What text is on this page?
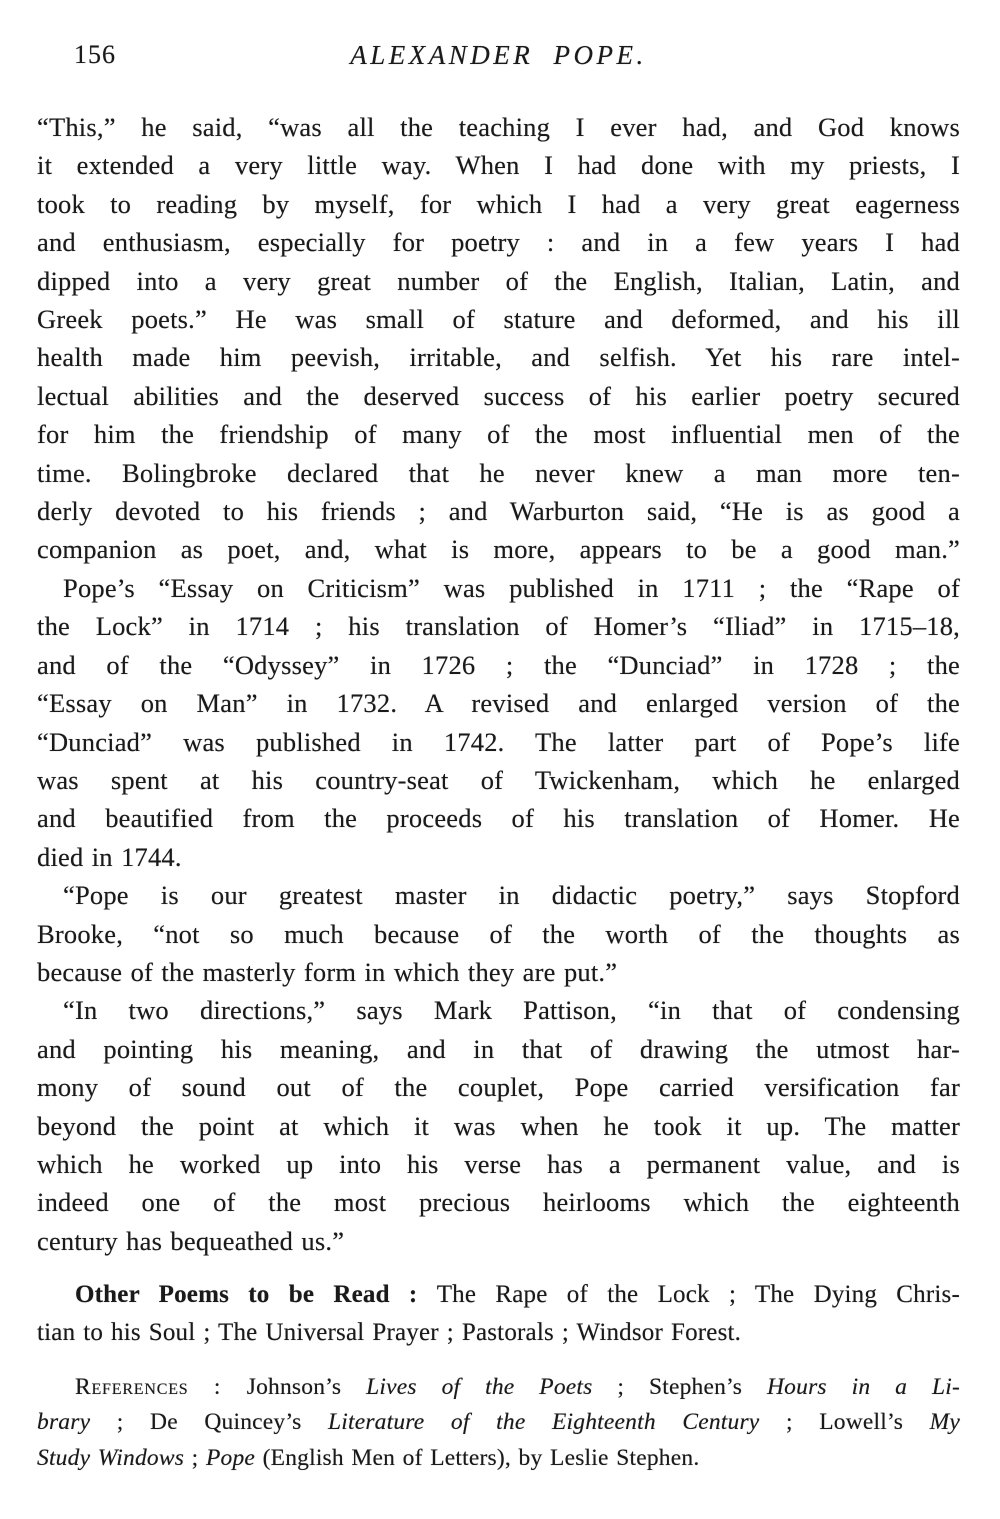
156	ALEXANDER POPE.
“This,” he said, “was all the teaching I ever had, and God knows
it extended a very little way. When I had done with my priests, I
took to reading by myself, for which I had a very great eagerness
and enthusiasm, especially for poetry : and in a few years I had
dipped into a very great number of the English, Italian, Latin, and
Greek poets.” He was small of stature and deformed, and his ill
health made him peevish, irritable, and selfish. Yet his rare intel-
lectual abilities and the deserved success of his earlier poetry secured
for him the friendship of many of the most influential men of the
time. Bolingbroke declared that he never knew a man more ten-
derly devoted to his friends ; and Warburton said, “He is as good a
companion as poet, and, what is more, appears to be a good man.”
Pope’s “Essay on Criticism” was published in 1711 ; the “Rape of
the Lock” in 1714 ; his translation of Homer’s “Iliad” in 1715–18,
and of the “Odyssey” in 1726 ; the “Dunciad” in 1728 ; the
“Essay on Man” in 1732. A revised and enlarged version of the
“Dunciad” was published in 1742. The latter part of Pope’s life
was spent at his country-seat of Twickenham, which he enlarged
and beautified from the proceeds of his translation of Homer. He
died in 1744.
“Pope is our greatest master in didactic poetry,” says Stopford
Brooke, “not so much because of the worth of the thoughts as
because of the masterly form in which they are put.”
“In two directions,” says Mark Pattison, “in that of condensing
and pointing his meaning, and in that of drawing the utmost har-
mony of sound out of the couplet, Pope carried versification far
beyond the point at which it was when he took it up. The matter
which he worked up into his verse has a permanent value, and is
indeed one of the most precious heirlooms which the eighteenth
century has bequeathed us.”
Other Poems to be Read : The Rape of the Lock ; The Dying Chris-
tian to his Soul ; The Universal Prayer ; Pastorals ; Windsor Forest.
References : Johnson’s Lives of the Poets ; Stephen’s Hours in a Li-
brary ; De Quincey’s Literature of the Eighteenth Century ; Lowell’s My
Study Windows ; Pope (English Men of Letters), by Leslie Stephen.
